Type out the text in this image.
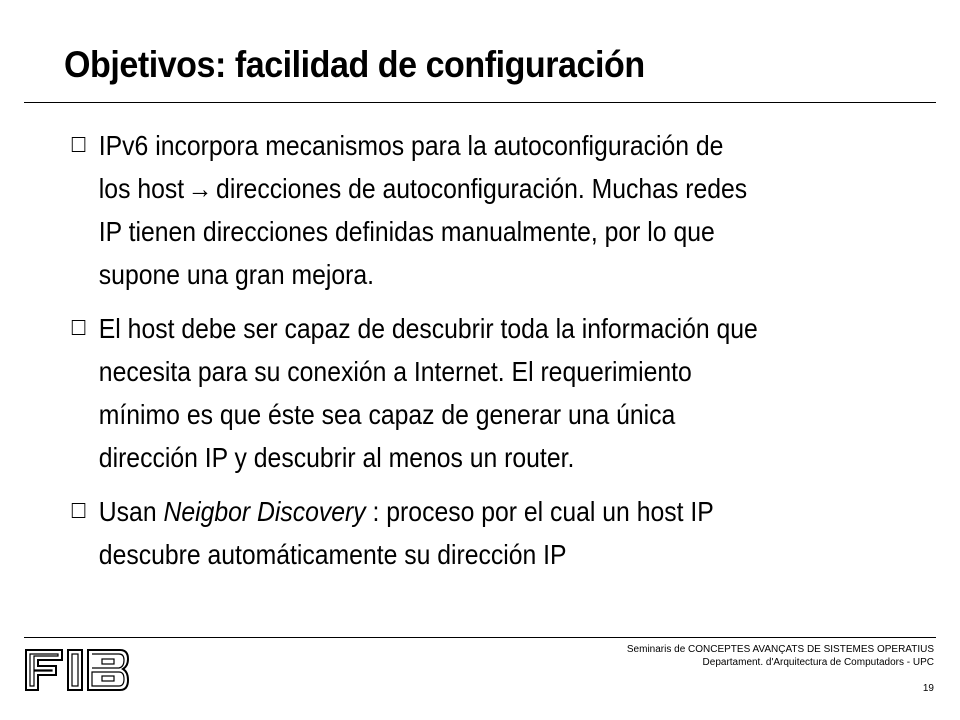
Objetivos: facilidad de configuración
IPv6 incorpora mecanismos para la autoconfiguración de
los host → direcciones de autoconfiguración. Muchas redes
IP tienen direcciones definidas manualmente, por lo que
supone una gran mejora.
El host debe ser capaz de descubrir toda la información que
necesita para su conexión a Internet. El requerimiento
mínimo es que éste sea capaz de generar una única
dirección IP y descubrir al menos un router.
Usan Neigbor Discovery : proceso por el cual un host IP
descubre automáticamente su dirección IP
Seminaris de CONCEPTES AVANÇATS DE SISTEMES OPERATIUS
Departament. d'Arquitectura de Computadors - UPC
19
